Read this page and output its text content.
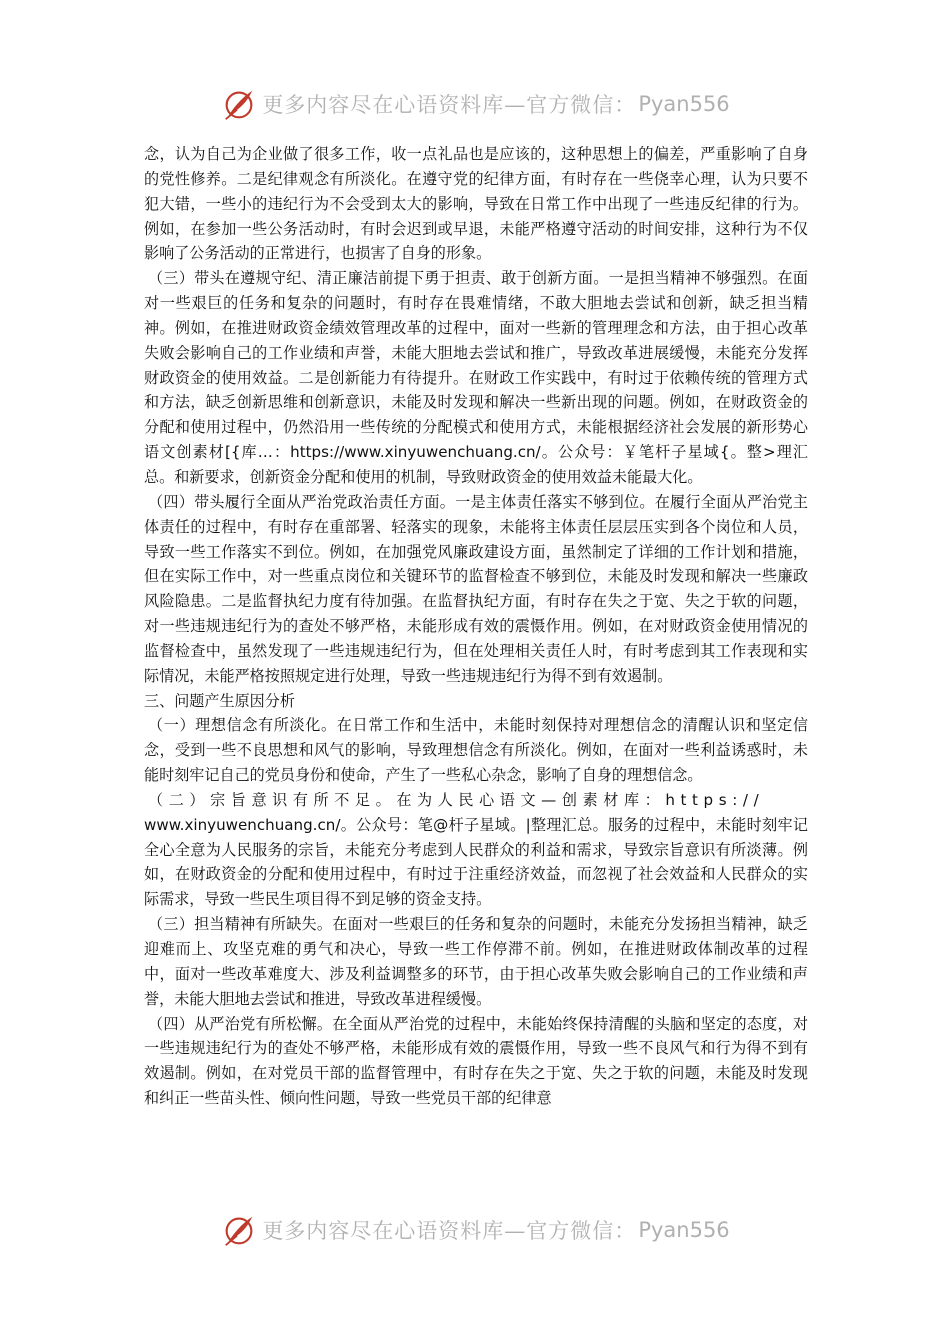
更多内容尽在心语资料库—官方微信： Pyan556

念，认为自己为企业做了很多工作，收一点礼品也是应该的，这种思想上的偏差，严重影响了自身的党性修养。二是纪律观念有所淡化。在遵守党的纪律方面，有时存在一些侥幸心理，认为只要不犯大错，一些小的违纪行为不会受到太大的影响，导致在日常工作中出现了一些违反纪律的行为。例如，在参加一些公务活动时，有时会迟到或早退，未能严格遵守活动的时间安排，这种行为不仅影响了公务活动的正常进行，也损害了自身的形象。

（三）带头在遵规守纪、清正廉洁前提下勇于担责、敢于创新方面。一是担当精神不够强烈。在面对一些艰巨的任务和复杂的问题时，有时存在畏难情绪，不敢大胆地去尝试和创新，缺乏担当精神。例如，在推进财政资金绩效管理改革的过程中，面对一些新的管理理念和方法，由于担心改革失败会影响自己的工作业绩和声誉，未能大胆地去尝试和推广，导致改革进展缓慢，未能充分发挥财政资金的使用效益。二是创新能力有待提升。在财政工作实践中，有时过于依赖传统的管理方式和方法，缺乏创新思维和创新意识，未能及时发现和解决一些新出现的问题。例如，在财政资金的分配和使用过程中，仍然沿用一些传统的分配模式和使用方式，未能根据经济社会发展的新形势心语文创素材[{库…：https://www.xinyuwenchuang.cn/。公众号：￥笔杆子星域{。整>理汇总。和新要求，创新资金分配和使用的机制，导致财政资金的使用效益未能最大化。

（四）带头履行全面从严治党政治责任方面。一是主体责任落实不够到位。在履行全面从严治党主体责任的过程中，有时存在重部署、轻落实的现象，未能将主体责任层层压实到各个岗位和人员，导致一些工作落实不到位。例如，在加强党风廉政建设方面，虽然制定了详细的工作计划和措施，但在实际工作中，对一些重点岗位和关键环节的监督检查不够到位，未能及时发现和解决一些廉政风险隐患。二是监督执纪力度有待加强。在监督执纪方面，有时存在失之于宽、失之于软的问题，对一些违规违纪行为的查处不够严格，未能形成有效的震慑作用。例如，在对财政资金使用情况的监督检查中，虽然发现了一些违规违纪行为，但在处理相关责任人时，有时考虑到其工作表现和实际情况，未能严格按照规定进行处理，导致一些违规违纪行为得不到有效遏制。

三、问题产生原因分析

（一）理想信念有所淡化。在日常工作和生活中，未能时刻保持对理想信念的清醒认识和坚定信念，受到一些不良思想和风气的影响，导致理想信念有所淡化。例如，在面对一些利益诱惑时，未能时刻牢记自己的党员身份和使命，产生了一些私心杂念，影响了自身的理想信念。

（二）宗旨意识有所不足。在为人民心语文—创素材库：https://

www.xinyuwenchuang.cn/。公众号：笔@杆子星域。|整理汇总。服务的过程中，未能时刻牢记全心全意为人民服务的宗旨，未能充分考虑到人民群众的利益和需求，导致宗旨意识有所淡薄。例如，在财政资金的分配和使用过程中，有时过于注重经济效益，而忽视了社会效益和人民群众的实际需求，导致一些民生项目得不到足够的资金支持。

（三）担当精神有所缺失。在面对一些艰巨的任务和复杂的问题时，未能充分发扬担当精神，缺乏迎难而上、攻坚克难的勇气和决心，导致一些工作停滞不前。例如，在推进财政体制改革的过程中，面对一些改革难度大、涉及利益调整多的环节，由于担心改革失败会影响自己的工作业绩和声誉，未能大胆地去尝试和推进，导致改革进程缓慢。

（四）从严治党有所松懈。在全面从严治党的过程中，未能始终保持清醒的头脑和坚定的态度，对一些违规违纪行为的查处不够严格，未能形成有效的震慑作用，导致一些不良风气和行为得不到有效遏制。例如，在对党员干部的监督管理中，有时存在失之于宽、失之于软的问题，未能及时发现和纠正一些苗头性、倾向性问题，导致一些党员干部的纪律意

更多内容尽在心语资料库—官方微信： Pyan556
